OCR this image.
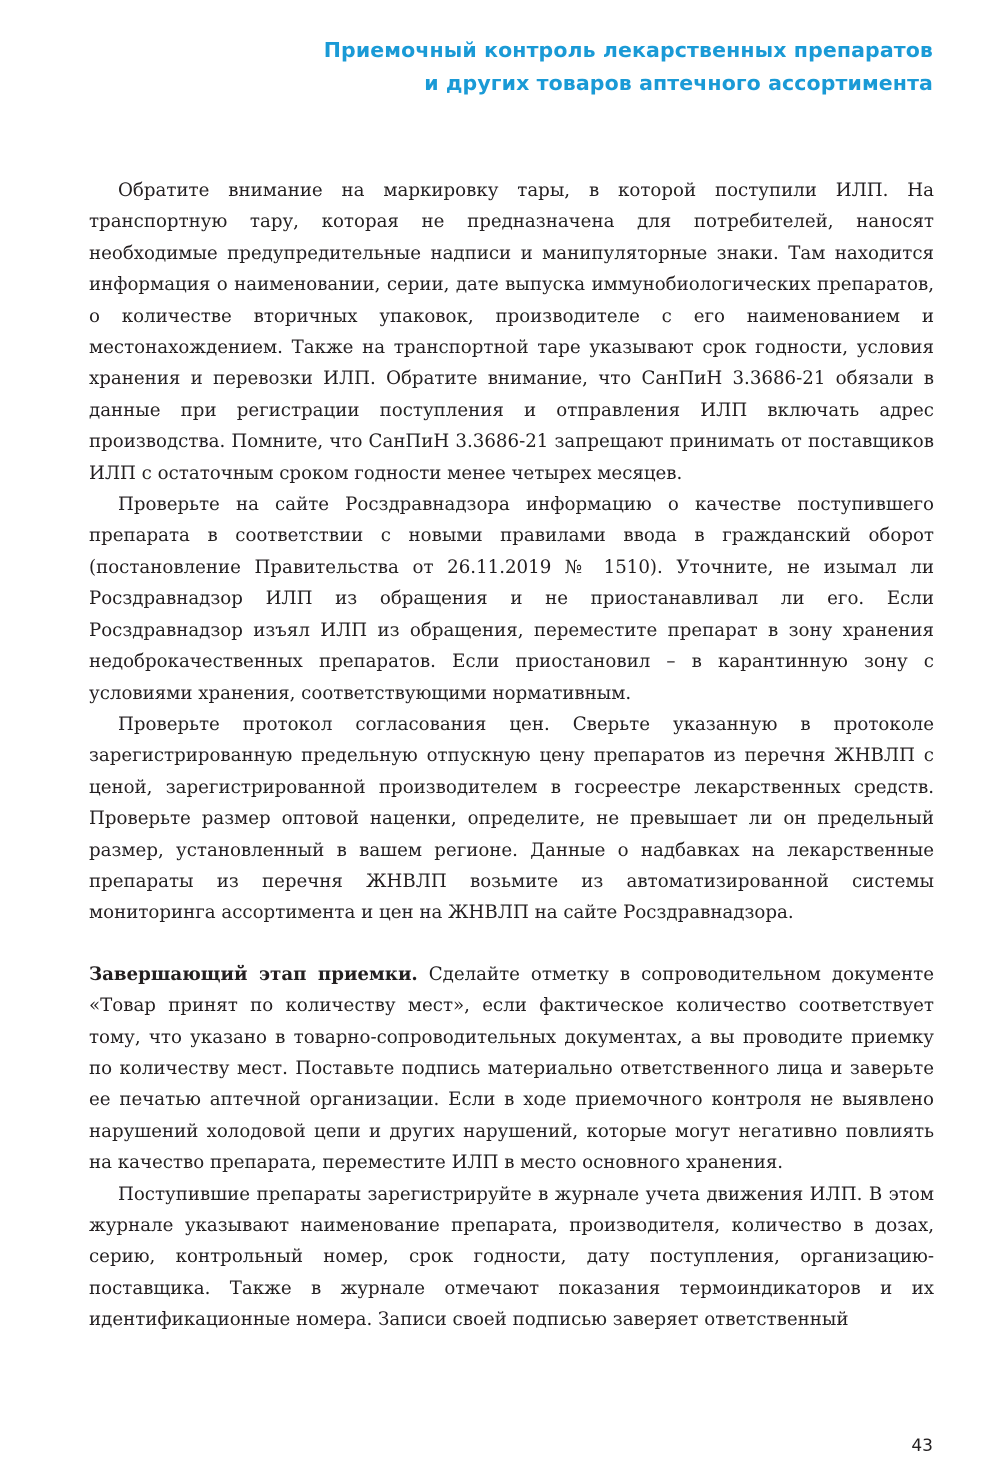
Приемочный контроль лекарственных препаратов
и других товаров аптечного ассортимента

Обратите внимание на маркировку тары, в которой поступили ИЛП. На транспортную тару, которая не предназначена для потребителей, наносят необходимые предупредительные надписи и манипуляторные знаки. Там находится информация о наименовании, серии, дате выпуска иммунобиологических препаратов, о количестве вторичных упаковок, производителе с его наименованием и местонахождением. Также на транспортной таре указывают срок годности, условия хранения и перевозки ИЛП. Обратите внимание, что СанПиН 3.3686-21 обязали в данные при регистрации поступления и отправления ИЛП включать адрес производства. Помните, что СанПиН 3.3686-21 запрещают принимать от поставщиков ИЛП с остаточным сроком годности менее четырех месяцев.

Проверьте на сайте Росздравнадзора информацию о качестве поступившего препарата в соответствии с новыми правилами ввода в гражданский оборот (постановление Правительства от 26.11.2019 № 1510). Уточните, не изымал ли Росздравнадзор ИЛП из обращения и не приостанавливал ли его. Если Росздравнадзор изъял ИЛП из обращения, переместите препарат в зону хранения недоброкачественных препаратов. Если приостановил – в карантинную зону с условиями хранения, соответствующими нормативным.

Проверьте протокол согласования цен. Сверьте указанную в протоколе зарегистрированную предельную отпускную цену препаратов из перечня ЖНВЛП с ценой, зарегистрированной производителем в госреестре лекарственных средств. Проверьте размер оптовой наценки, определите, не превышает ли он предельный размер, установленный в вашем регионе. Данные о надбавках на лекарственные препараты из перечня ЖНВЛП возьмите из автоматизированной системы мониторинга ассортимента и цен на ЖНВЛП на сайте Росздравнадзора.

Завершающий этап приемки. Сделайте отметку в сопроводительном документе «Товар принят по количеству мест», если фактическое количество соответствует тому, что указано в товарно-сопроводительных документах, а вы проводите приемку по количеству мест. Поставьте подпись материально ответственного лица и заверьте ее печатью аптечной организации. Если в ходе приемочного контроля не выявлено нарушений холодовой цепи и других нарушений, которые могут негативно повлиять на качество препарата, переместите ИЛП в место основного хранения.

Поступившие препараты зарегистрируйте в журнале учета движения ИЛП. В этом журнале указывают наименование препарата, производителя, количество в дозах, серию, контрольный номер, срок годности, дату поступления, организацию-поставщика. Также в журнале отмечают показания термоиндикаторов и их идентификационные номера. Записи своей подписью заверяет ответственный

43
